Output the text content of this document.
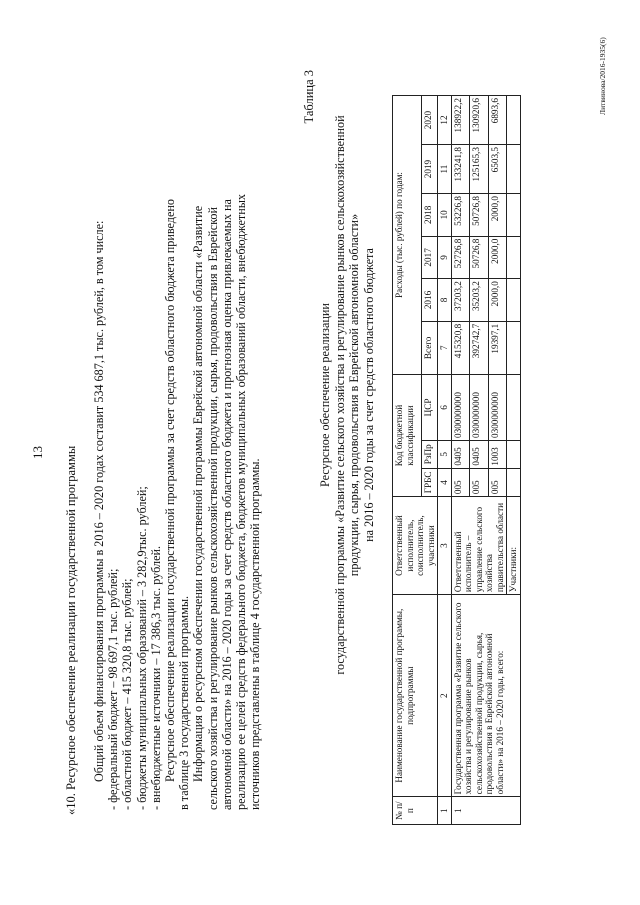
13 «10. Ресурсное обеспечение реализации государственной программы Общий объем финансирования программы в 2016 – 2020 годах составит 534 687,1 тыс. рублей, в том числе: - федеральный бюджет – 98 697,1 тыс. рублей; - областной бюджет – 415 320,8 тыс. рублей; - бюджеты муниципальных образований – 3 282,9тыс. рублей; - внебюджетные источники – 17 386,3 тыс. рублей. Ресурсное обеспечение реализации государственной программы за счет средств областного бюджета приведено в таблице 3 государственной программы. Информация о ресурсном обеспечении государственной программы Еврейской автономной области «Развитие сельского хозяйства и регулирование рынков сельскохозяйственной продукции, сырья, продовольствия в Еврейской автономной области» на 2016 – 2020 годы за счет средств областного бюджета и прогнозная оценка привлекаемых на реализацию ее целей средств федерального бюджета, бюджетов муниципальных образований области, внебюджетных источников представлены в таблице 4 государственной программы.
Таблица 3
Ресурсное обеспечение реализации государственной программы «Развитие сельского хозяйства и регулирование рынков сельскохозяйственной продукции, сырья, продовольствия в Еврейской автономной области» на 2016 – 2020 годы за счет средств областного бюджета
№ п/п	Наименование государственной программы, подпрограммы	Ответственный исполнитель, соисполнитель, участники	Код бюджетной классификации			Расходы (тыс. рублей) по годам:					
			ГРБС	РзПр	ЦСР	Всего	2016	2017	2018	2019	2020
1	2	3	4	5	6	7	8	9	10	11	12
1	Государственная программа «Развитие сельского хозяйства и регулирование рынков сельскохозяйственной продукции, сырья, продовольствия в Еврейской автономной области» на 2016 – 2020 годы, всего:	Ответственный исполнитель – управление сельского хозяйства правительства области	005	0405	0300000000	415320,8	37203,2	52726,8	53226,8	133241,8	138922,2
			005	0405	0300000000	392742,7	35203,2	50726,8	50726,8	125165,3	130920,6
			005	1003	0300000000	19397,1	2000,0	2000,0	2000,0	6503,5	6893,6
		Участники:									
Литвинова/2016-1935(6)
